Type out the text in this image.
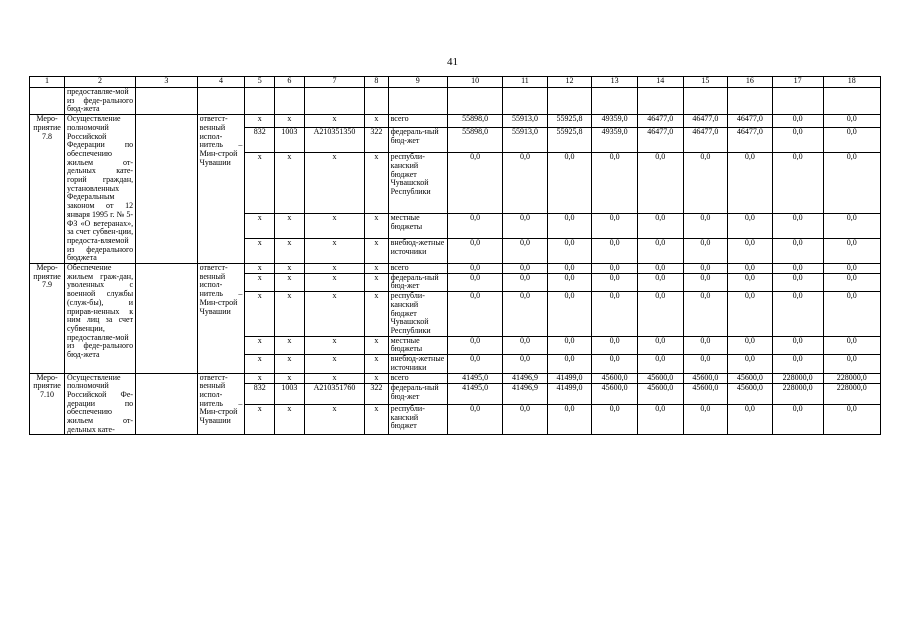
41
1	2	3	4	5	6	7	8	9	10	11	12	13	14	15	16	17	18
	предоставляе-мой из феде-рального бюд-жета																
Меро-приятие 7.8	Осуществление полномочий Российской Федерации по обеспечению жильем от-дельных кате-горий граждан, установленных Федеральным законом от 12 января 1995 г. № 5-ФЗ «О ветеранах», за счет субвен-ции, предоста-вляемой из федерального бюджета		ответст-венный испол-нитель – Мин-строй Чувашии	x	x	x	x	всего	55898,0	55913,0	55925,8	49359,0	46477,0	46477,0	46477,0	0,0	0,0
				832	1003	А210351350	322	федераль-ный бюд-жет	55898,0	55913,0	55925,8	49359,0	46477,0	46477,0	46477,0	0,0	0,0
				x	x	x	x	республи-канский бюджет Чувашской Республики	0,0	0,0	0,0	0,0	0,0	0,0	0,0	0,0	0,0
				x	x	x	x	местные бюджеты	0,0	0,0	0,0	0,0	0,0	0,0	0,0	0,0	0,0
				x	x	x	x	внебюд-жетные источники	0,0	0,0	0,0	0,0	0,0	0,0	0,0	0,0	0,0
Меро-приятие 7.9	Обеспечение жильем граж-дан, уволенных с военной службы (служ-бы), и прирав-ненных к ним лиц за счет субвенции, предоставляе-мой из феде-рального бюд-жета		ответст-венный испол-нитель – Мин-строй Чувашии	x	x	x	x	всего	0,0	0,0	0,0	0,0	0,0	0,0	0,0	0,0	0,0
				x	x	x	x	федераль-ный бюд-жет	0,0	0,0	0,0	0,0	0,0	0,0	0,0	0,0	0,0
				x	x	x	x	республи-канский бюджет Чувашской Республики	0,0	0,0	0,0	0,0	0,0	0,0	0,0	0,0	0,0
				x	x	x	x	местные бюджеты	0,0	0,0	0,0	0,0	0,0	0,0	0,0	0,0	0,0
				x	x	x	x	внебюд-жетные источники	0,0	0,0	0,0	0,0	0,0	0,0	0,0	0,0	0,0
Меро-приятие 7.10	Осуществление полномочий Российской Фе-дерации по обеспечению жильем от-дельных кате-		ответст-венный испол-нитель – Мин-строй Чувашии	x	x	x	x	всего	41495,0	41496,9	41499,0	45600,0	45600,0	45600,0	45600,0	228000,0	228000,0
				832	1003	А210351760	322	федераль-ный бюд-жет	41495,0	41496,9	41499,0	45600,0	45600,0	45600,0	45600,0	228000,0	228000,0
				x	x	x	x	республи-канский бюджет	0,0	0,0	0,0	0,0	0,0	0,0	0,0	0,0	0,0
